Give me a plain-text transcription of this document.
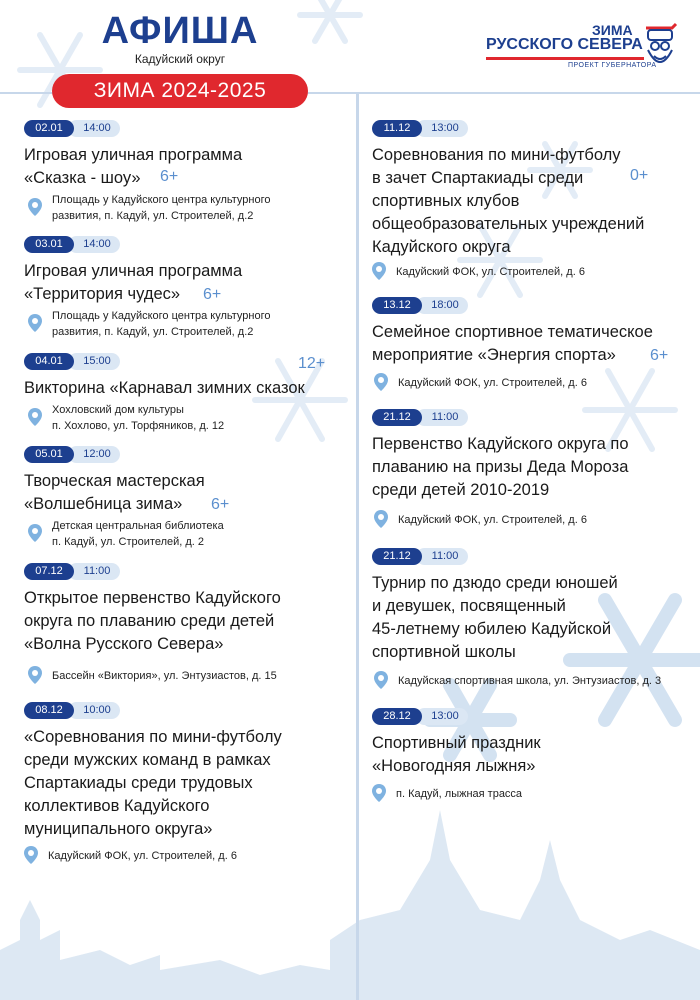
АФИША
Кадуйский округ
ЗИМА 2024-2025
ЗИМА
РУССКОГО СЕВЕРА
ПРОЕКТ ГУБЕРНАТОРА
14:00
02.01
Игровая уличная программа
«Сказка - шоу» 6+
Площадь у Кадуйского центра культурного
развития, п. Кадуй, ул. Строителей, д.2
14:00
03.01
Игровая уличная программа
«Территория чудес» 6+
Площадь у Кадуйского центра культурного
развития, п. Кадуй, ул. Строителей, д.2
15:00
04.01
Викторина «Карнавал зимних сказок
12+
Хохловский дом культуры
п. Хохлово, ул. Торфяников, д. 12
12:00
05.01
Творческая мастерская
«Волшебница зима» 6+
Детская центральная библиотека
п. Кадуй, ул. Строителей, д. 2
11:00
07.12
Открытое первенство Кадуйского
округа по плаванию среди детей
«Волна Русского Севера»
Бассейн «Виктория», ул. Энтузиастов, д. 15
10:00
08.12
«Соревнования по мини-футболу
среди мужских команд в рамках
Спартакиады среди трудовых
коллективов Кадуйского
муниципального округа»
Кадуйский ФОК, ул. Строителей, д. 6
13:00
11.12
Соревнования по мини-футболу
в зачет Спартакиады среди
спортивных клубов
общеобразовательных учреждений
Кадуйского округа
0+
Кадуйский ФОК, ул. Строителей, д. 6
18:00
13.12
Семейное спортивное тематическое
мероприятие «Энергия спорта» 6+
Кадуйский ФОК, ул. Строителей, д. 6
11:00
21.12
Первенство Кадуйского округа по
плаванию на призы Деда Мороза
среди детей 2010-2019
Кадуйский ФОК, ул. Строителей, д. 6
11:00
21.12
Турнир по дзюдо среди юношей
и девушек, посвященный
45-летнему юбилею Кадуйской
спортивной школы
Кадуйская спортивная школа, ул. Энтузиастов, д. 3
13:00
28.12
Спортивный праздник
«Новогодняя лыжня»
п. Кадуй, лыжная трасса
